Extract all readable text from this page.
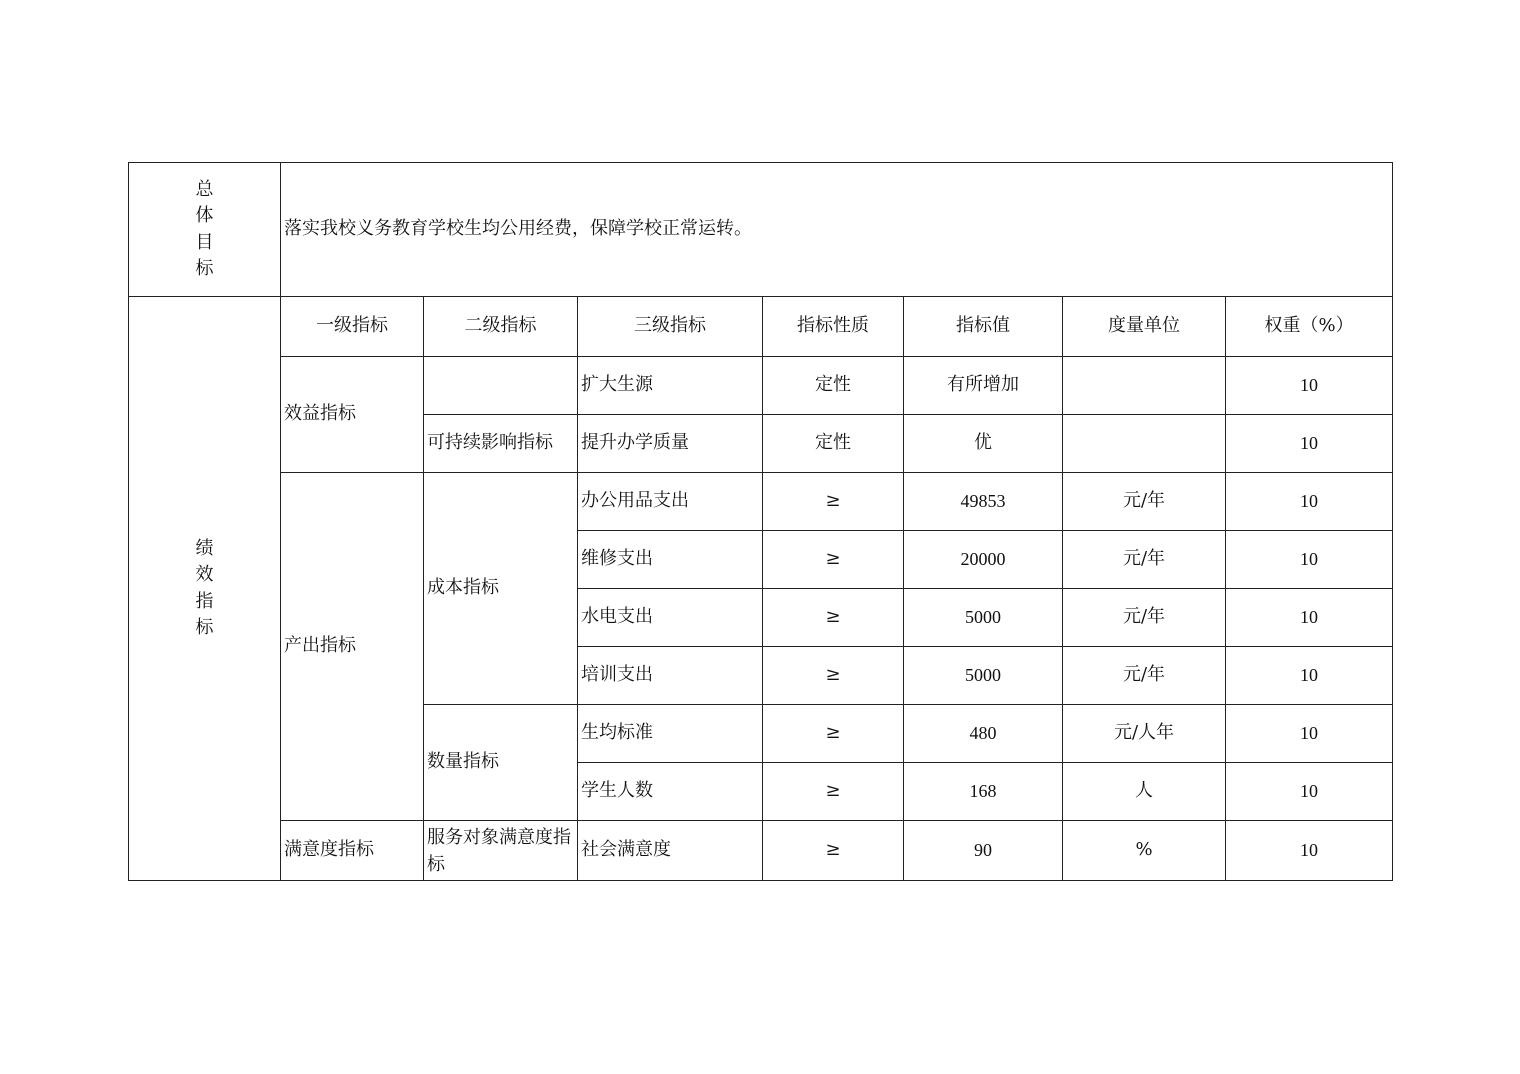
总
体
目
标	落实我校义务教育学校生均公用经费，保障学校正常运转。						

绩
效
指
标	一级指标	二级指标	三级指标	指标性质	指标值	度量单位	权重（%）
	效益指标		扩大生源	定性	有所增加		10
		可持续影响指标	提升办学质量	定性	优		10
	产出指标	成本指标	办公用品支出	≥	49853	元/年	10
			维修支出	≥	20000	元/年	10
			水电支出	≥	5000	元/年	10
			培训支出	≥	5000	元/年	10
		数量指标	生均标准	≥	480	元/人年	10
			学生人数	≥	168	人	10
	满意度指标	服务对象满意度指标	社会满意度	≥	90	%	10
